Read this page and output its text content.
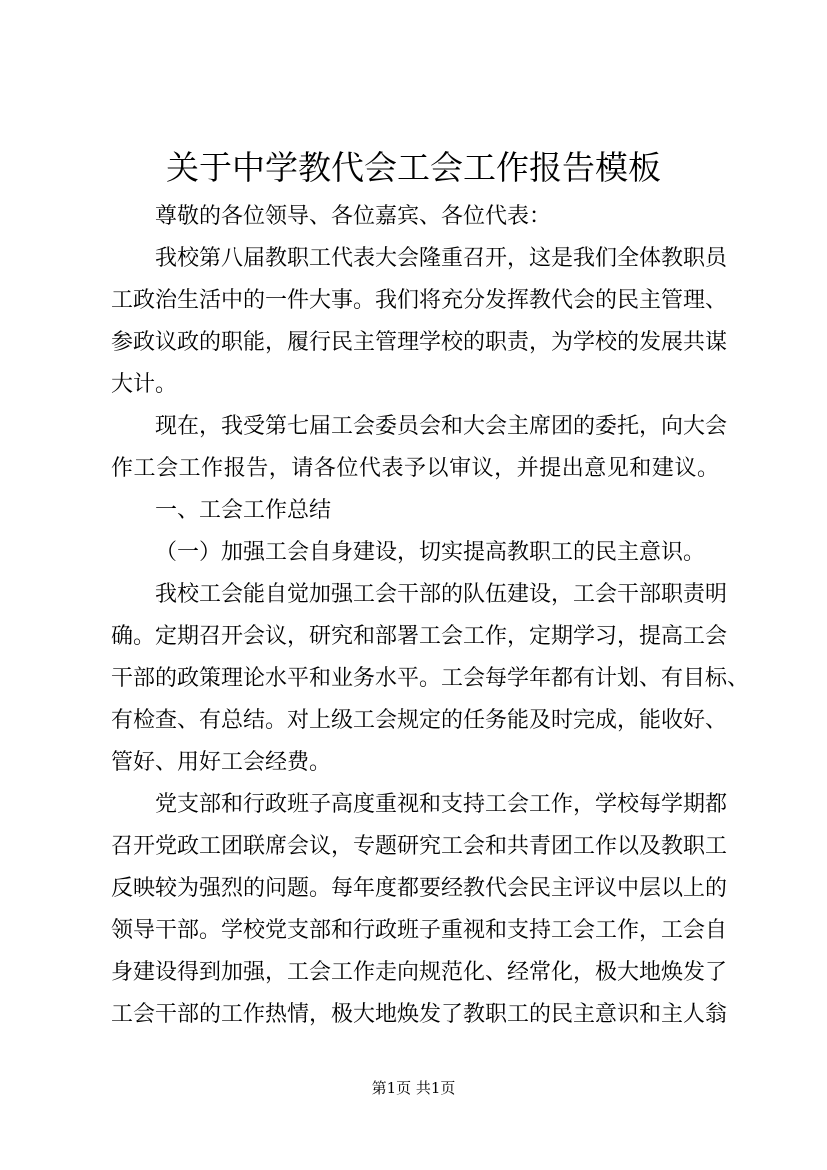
关于中学教代会工会工作报告模板

尊敬的各位领导、各位嘉宾、各位代表：

我校第八届教职工代表大会隆重召开，这是我们全体教职员

工政治生活中的一件大事。我们将充分发挥教代会的民主管理、

参政议政的职能，履行民主管理学校的职责，为学校的发展共谋

大计。

现在，我受第七届工会委员会和大会主席团的委托，向大会

作工会工作报告，请各位代表予以审议，并提出意见和建议。

一、工会工作总结

（一）加强工会自身建设，切实提高教职工的民主意识。

我校工会能自觉加强工会干部的队伍建设，工会干部职责明

确。定期召开会议，研究和部署工会工作，定期学习，提高工会

干部的政策理论水平和业务水平。工会每学年都有计划、有目标、

有检查、有总结。对上级工会规定的任务能及时完成，能收好、

管好、用好工会经费。

党支部和行政班子高度重视和支持工会工作，学校每学期都

召开党政工团联席会议，专题研究工会和共青团工作以及教职工

反映较为强烈的问题。每年度都要经教代会民主评议中层以上的

领导干部。学校党支部和行政班子重视和支持工会工作，工会自

身建设得到加强，工会工作走向规范化、经常化，极大地焕发了

工会干部的工作热情，极大地焕发了教职工的民主意识和主人翁

第1页 共1页
